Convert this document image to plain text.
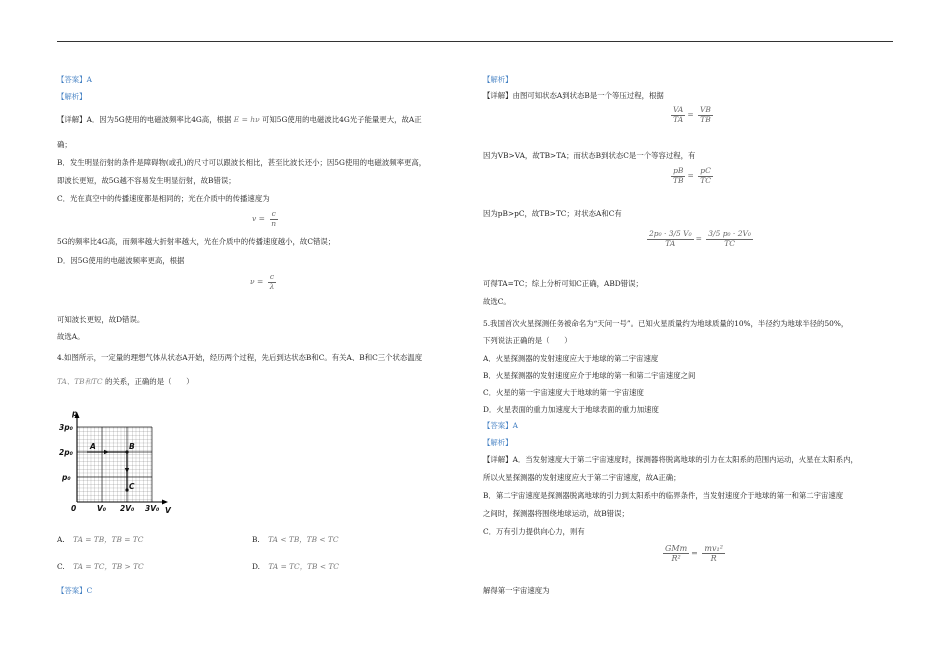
【答案】A
【解析】
【详解】A．因为5G使用的电磁波频率比4G高，根据 E = hν 可知5G使用的电磁波比4G光子能量更大，故A正
确；
B．发生明显衍射的条件是障碍物(或孔)的尺寸可以跟波长相比，甚至比波长还小；因5G使用的电磁波频率更高，
即波长更短，故5G越不容易发生明显衍射，故B错误；
C．光在真空中的传播速度都是相同的；光在介质中的传播速度为
$v = \frac{c}{n}$
5G的频率比4G高，而频率越大折射率越大，光在介质中的传播速度越小，故C错误；
D．因5G使用的电磁波频率更高，根据
$\nu = \frac{c}{\lambda}$
可知波长更短，故D错误。
故选A。
4.如图所示，一定量的理想气体从状态A开始，经历两个过程，先后到达状态B和C。有关A、B和C三个状态温度
TA、TB和TC 的关系，正确的是（　　）
p
V
3p₀
2p₀
p₀
0	V₀ 2V₀ 3V₀
A	B
C
A. TA = TB，TB = TC	B. TA < TB，TB < TC
C. TA = TC，TB > TC	D. TA = TC，TB < TC
【答案】C
【解析】
【详解】由图可知状态A到状态B是一个等压过程，根据
$\frac{VA}{TA} = \frac{VB}{TB}$
因为VB>VA，故TB>TA；而状态B到状态C是一个等容过程，有
$\frac{pB}{TB} = \frac{pC}{TC}$
因为pB>pC，故TB>TC；对状态A和C有
$\frac{\text{2p₀ · 3/5 V₀}}{TA} = \frac{\text{3/5 p₀ · 2V₀}}{TC}$
可得TA=TC；综上分析可知C正确，ABD错误；
故选C。
5.我国首次火星探测任务被命名为“天问一号”。已知火星质量约为地球质量的10%，半径约为地球半径的50%，
下列说法正确的是（　　）
A．火星探测器的发射速度应大于地球的第二宇宙速度
B．火星探测器的发射速度应介于地球的第一和第二宇宙速度之间
C．火星的第一宇宙速度大于地球的第一宇宙速度
D．火星表面的重力加速度大于地球表面的重力加速度
【答案】A
【解析】
【详解】A．当发射速度大于第二宇宙速度时，探测器将脱离地球的引力在太阳系的范围内运动，火星在太阳系内，
所以火星探测器的发射速度应大于第二宇宙速度，故A正确；
B．第二宇宙速度是探测器脱离地球的引力到太阳系中的临界条件，当发射速度介于地球的第一和第二宇宙速度
之间时，探测器将围绕地球运动，故B错误；
C．万有引力提供向心力，则有
$\frac{\text{GMm}}{\text{R²}} = \frac{\text{mv₁²}}{R}$
解得第一宇宙速度为
